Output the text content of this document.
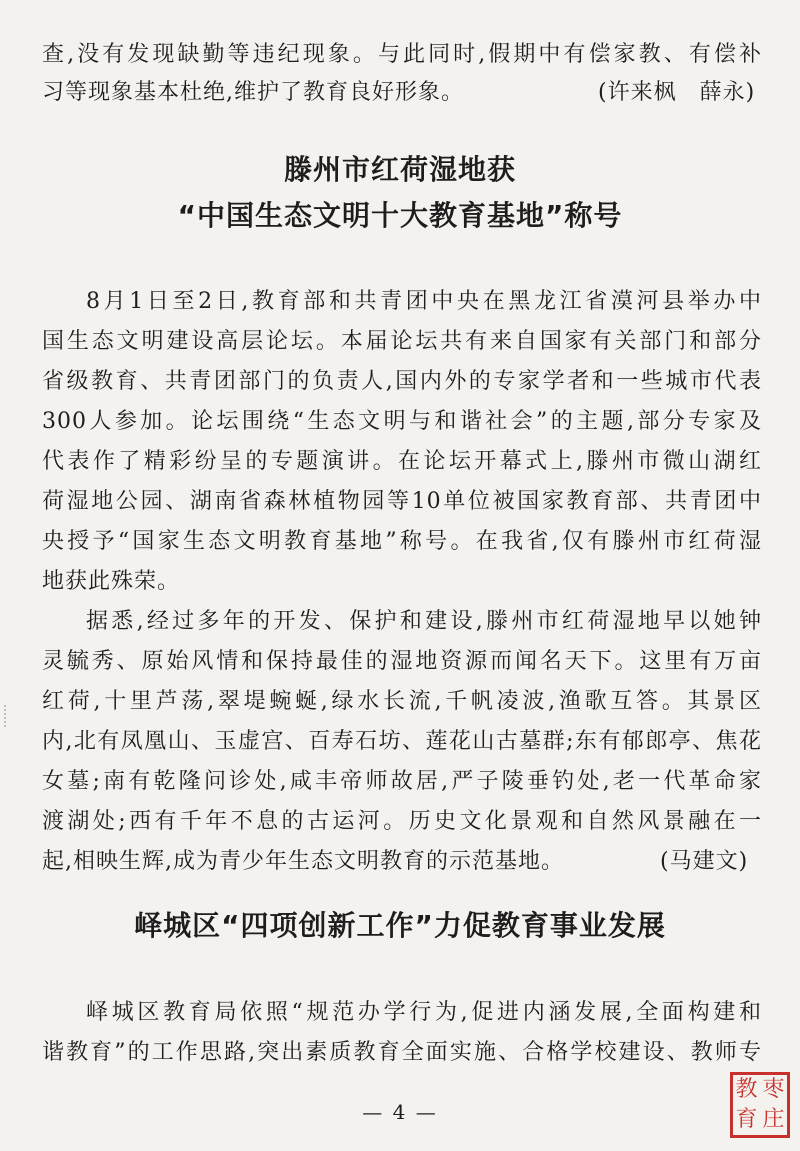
查,没有发现缺勤等违纪现象。与此同时,假期中有偿家教、有偿补
习等现象基本杜绝,维护了教育良好形象。	(许来枫　薛永)
滕州市红荷湿地获
“中国生态文明十大教育基地”称号
8月1日至2日,教育部和共青团中央在黑龙江省漠河县举办中
国生态文明建设高层论坛。本届论坛共有来自国家有关部门和部分
省级教育、共青团部门的负责人,国内外的专家学者和一些城市代表
300人参加。论坛围绕“生态文明与和谐社会”的主题,部分专家及
代表作了精彩纷呈的专题演讲。在论坛开幕式上,滕州市微山湖红
荷湿地公园、湖南省森林植物园等10单位被国家教育部、共青团中
央授予“国家生态文明教育基地”称号。在我省,仅有滕州市红荷湿
地获此殊荣。
据悉,经过多年的开发、保护和建设,滕州市红荷湿地早以她钟
灵毓秀、原始风情和保持最佳的湿地资源而闻名天下。这里有万亩
红荷,十里芦荡,翠堤蜿蜒,绿水长流,千帆凌波,渔歌互答。其景区
内,北有凤凰山、玉虚宫、百寿石坊、莲花山古墓群;东有郁郎亭、焦花
女墓;南有乾隆问诊处,咸丰帝师故居,严子陵垂钓处,老一代革命家
渡湖处;西有千年不息的古运河。历史文化景观和自然风景融在一
起,相映生辉,成为青少年生态文明教育的示范基地。	(马建文)
峄城区“四项创新工作”力促教育事业发展
峄城区教育局依照“规范办学行为,促进内涵发展,全面构建和
谐教育”的工作思路,突出素质教育全面实施、合格学校建设、教师专
— 4 —
教 枣
育 庄
